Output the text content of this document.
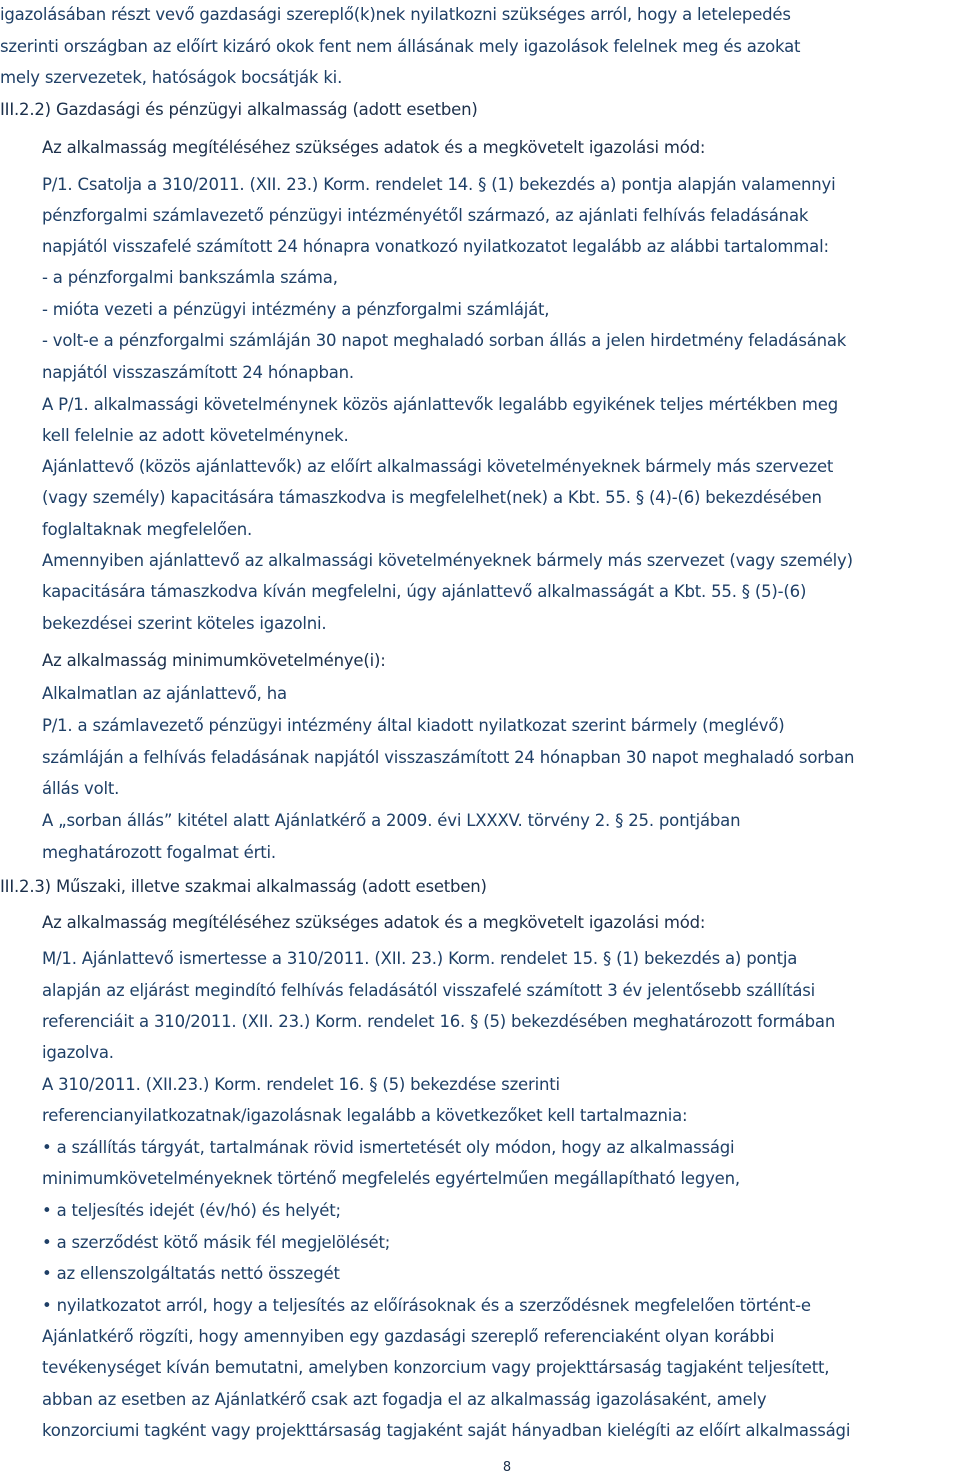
igazolásában részt vevő gazdasági szereplő(k)nek nyilatkozni szükséges arról, hogy a letelepedés
szerinti országban az előírt kizáró okok fent nem állásának mely igazolások felelnek meg és azokat
mely szervezetek, hatóságok bocsátják ki.
III.2.2) Gazdasági és pénzügyi alkalmasság (adott esetben)
Az alkalmasság megítéléséhez szükséges adatok és a megkövetelt igazolási mód:
P/1. Csatolja a 310/2011. (XII. 23.) Korm. rendelet 14. § (1) bekezdés a) pontja alapján valamennyi
pénzforgalmi számlavezető pénzügyi intézményétől származó, az ajánlati felhívás feladásának
napjától visszafelé számított 24 hónapra vonatkozó nyilatkozatot legalább az alábbi tartalommal:
- a pénzforgalmi bankszámla száma,
- mióta vezeti a pénzügyi intézmény a pénzforgalmi számláját,
- volt-e a pénzforgalmi számláján 30 napot meghaladó sorban állás a jelen hirdetmény feladásának
napjától visszaszámított 24 hónapban.
A P/1. alkalmassági követelménynek közös ajánlattevők legalább egyikének teljes mértékben meg
kell felelnie az adott követelménynek.
Ajánlattevő (közös ajánlattevők) az előírt alkalmassági követelményeknek bármely más szervezet
(vagy személy) kapacitására támaszkodva is megfelelhet(nek) a Kbt. 55. § (4)-(6) bekezdésében
foglaltaknak megfelelően.
Amennyiben ajánlattevő az alkalmassági követelményeknek bármely más szervezet (vagy személy)
kapacitására támaszkodva kíván megfelelni, úgy ajánlattevő alkalmasságát a Kbt. 55. § (5)-(6)
bekezdései szerint köteles igazolni.
Az alkalmasság minimumkövetelménye(i):
Alkalmatlan az ajánlattevő, ha
P/1. a számlavezető pénzügyi intézmény által kiadott nyilatkozat szerint bármely (meglévő)
számláján a felhívás feladásának napjától visszaszámított 24 hónapban 30 napot meghaladó sorban
állás volt.
A „sorban állás” kitétel alatt Ajánlatkérő a 2009. évi LXXXV. törvény 2. § 25. pontjában
meghatározott fogalmat érti.
III.2.3) Műszaki, illetve szakmai alkalmasság (adott esetben)
Az alkalmasság megítéléséhez szükséges adatok és a megkövetelt igazolási mód:
M/1. Ajánlattevő ismertesse a 310/2011. (XII. 23.) Korm. rendelet 15. § (1) bekezdés a) pontja
alapján az eljárást megindító felhívás feladásától visszafelé számított 3 év jelentősebb szállítási
referenciáit a 310/2011. (XII. 23.) Korm. rendelet 16. § (5) bekezdésében meghatározott formában
igazolva.
A 310/2011. (XII.23.) Korm. rendelet 16. § (5) bekezdése szerinti
referencianyilatkozatnak/igazolásnak legalább a következőket kell tartalmaznia:
• a szállítás tárgyát, tartalmának rövid ismertetését oly módon, hogy az alkalmassági
minimumkövetelményeknek történő megfelelés egyértelműen megállapítható legyen,
• a teljesítés idejét (év/hó) és helyét;
• a szerződést kötő másik fél megjelölését;
• az ellenszolgáltatás nettó összegét
• nyilatkozatot arról, hogy a teljesítés az előírásoknak és a szerződésnek megfelelően történt-e
Ajánlatkérő rögzíti, hogy amennyiben egy gazdasági szereplő referenciaként olyan korábbi
tevékenységet kíván bemutatni, amelyben konzorcium vagy projekttársaság tagjaként teljesített,
abban az esetben az Ajánlatkérő csak azt fogadja el az alkalmasság igazolásaként, amely
konzorciumi tagként vagy projekttársaság tagjaként saját hányadban kielégíti az előírt alkalmassági
8
